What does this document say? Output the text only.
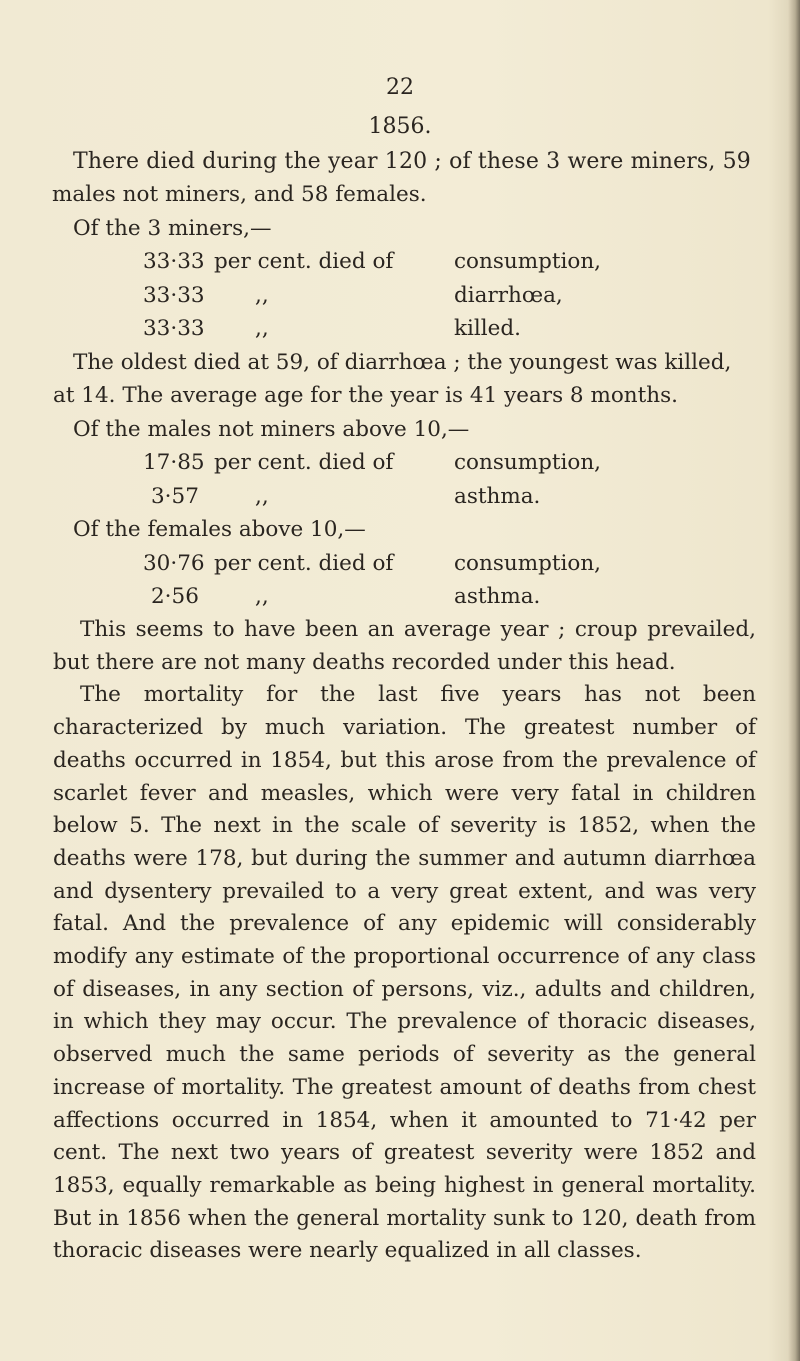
22
1856.
There died during the year 120 ; of these 3 were miners, 59
males not miners, and 58 females.
Of the 3 miners,—
33·33 per cent. died of	consumption,
33·33 ,,	diarrhœa,
33·33 ,,	killed.
The oldest died at 59, of diarrhœa ; the youngest was killed,
at 14. The average age for the year is 41 years 8 months.
Of the males not miners above 10,—
17·85 per cent. died of	consumption,
3·57	,,	asthma.
Of the females above 10,—
30·76 per cent. died of	consumption,
2·56	,,	asthma.

This seems to have been an average year ; croup prevailed, but there are not many deaths recorded under this head.

The mortality for the last five years has not been characterized by much variation. The greatest number of deaths occurred in 1854, but this arose from the prevalence of scarlet fever and measles, which were very fatal in children below 5. The next in the scale of severity is 1852, when the deaths were 178, but during the summer and autumn diarrhœa and dysentery prevailed to a very great extent, and was very fatal. And the prevalence of any epidemic will considerably modify any estimate of the proportional occurrence of any class of diseases, in any section of persons, viz., adults and children, in which they may occur. The prevalence of thoracic diseases, observed much the same periods of severity as the general increase of mortality. The greatest amount of deaths from chest affections occurred in 1854, when it amounted to 71·42 per cent. The next two years of greatest severity were 1852 and 1853, equally remarkable as being highest in general mortality. But in 1856 when the general mortality sunk to 120, death from thoracic diseases were nearly equalized in all classes.
